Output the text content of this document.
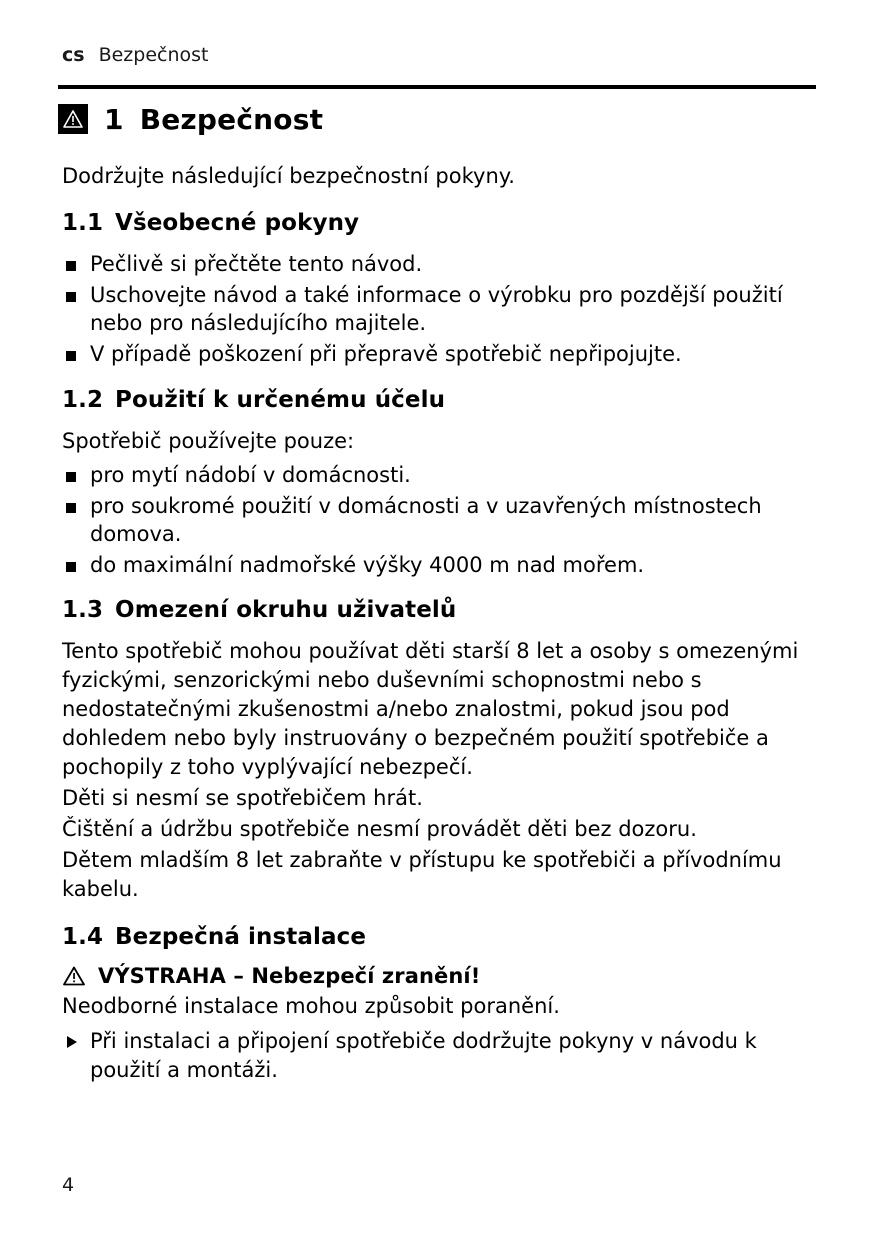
cs Bezpečnost
1 Bezpečnost

Dodržujte následující bezpečnostní pokyny.

1.1 Všeobecné pokyny
Pečlivě si přečtěte tento návod.
Uschovejte návod a také informace o výrobku pro pozdější použití nebo pro následujícího majitele.
V případě poškození při přepravě spotřebič nepřipojujte.
1.2 Použití k určenému účelu

Spotřebič používejte pouze:

pro mytí nádobí v domácnosti.
pro soukromé použití v domácnosti a v uzavřených místnostech domova.
do maximální nadmořské výšky 4000 m nad mořem.
1.3 Omezení okruhu uživatelů

Tento spotřebič mohou používat děti starší 8 let a osoby s omezenými fyzickými, senzorickými nebo duševními schopnostmi nebo s nedostatečnými zkušenostmi a/nebo znalostmi, pokud jsou pod dohledem nebo byly instruovány o bezpečném použití spotřebiče a pochopily z toho vyplývající nebezpečí.

Děti si nesmí se spotřebičem hrát.

Čištění a údržbu spotřebiče nesmí provádět děti bez dozoru.

Dětem mladším 8 let zabraňte v přístupu ke spotřebiči a přívodnímu kabelu.

1.4 Bezpečná instalace
VÝSTRAHA – Nebezpečí zranění!

Neodborné instalace mohou způsobit poranění.

Při instalaci a připojení spotřebiče dodržujte pokyny v návodu k použití a montáži.
4
